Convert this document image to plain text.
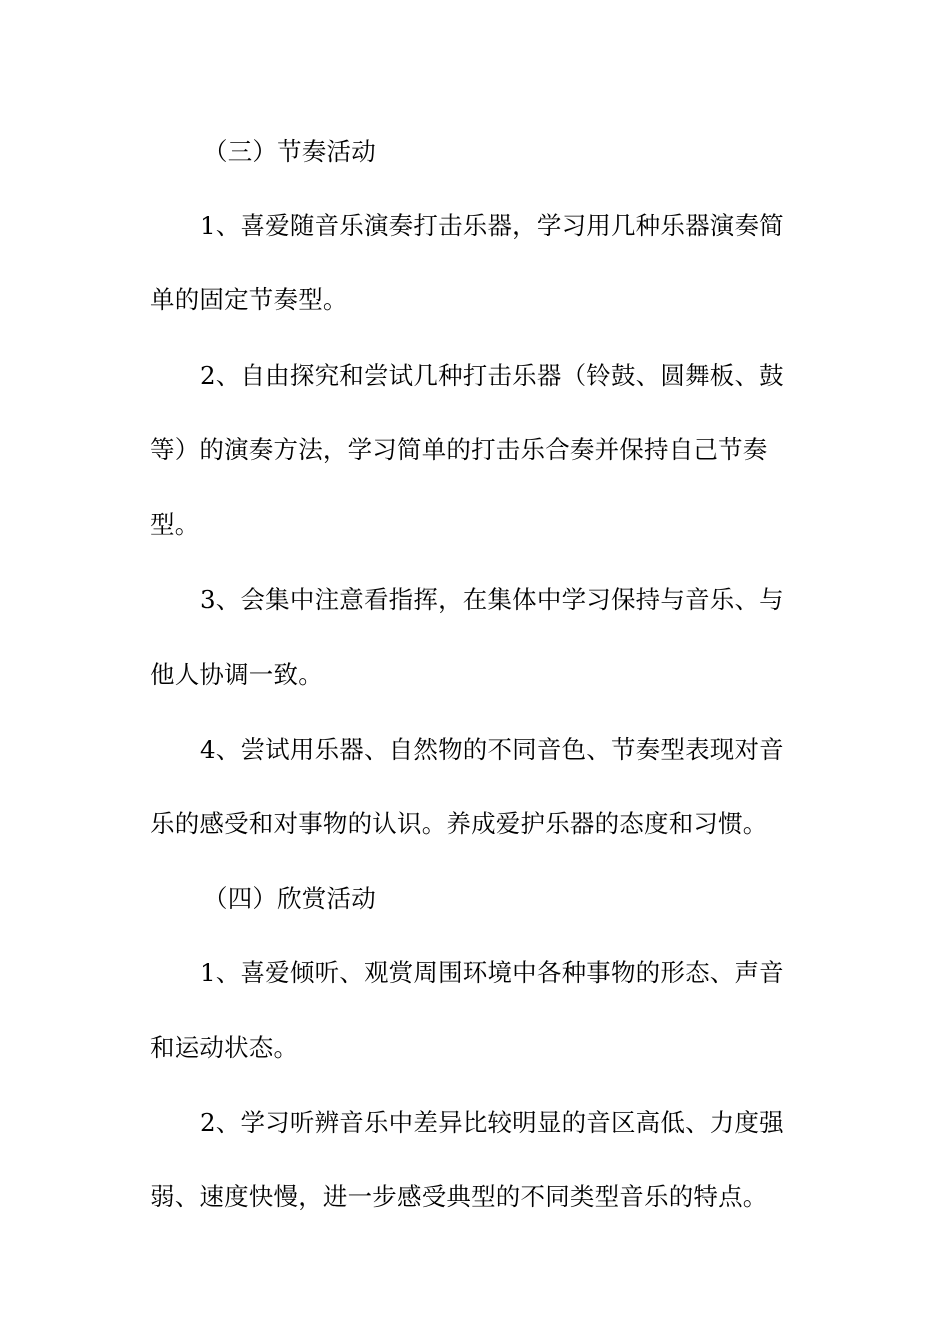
（三）节奏活动
1、喜爱随音乐演奏打击乐器，学习用几种乐器演奏简
单的固定节奏型。
2、自由探究和尝试几种打击乐器（铃鼓、圆舞板、鼓
等）的演奏方法，学习简单的打击乐合奏并保持自己节奏
型。
3、会集中注意看指挥，在集体中学习保持与音乐、与
他人协调一致。
4、尝试用乐器、自然物的不同音色、节奏型表现对音
乐的感受和对事物的认识。养成爱护乐器的态度和习惯。
（四）欣赏活动
1、喜爱倾听、观赏周围环境中各种事物的形态、声音
和运动状态。
2、学习听辨音乐中差异比较明显的音区高低、力度强
弱、速度快慢，进一步感受典型的不同类型音乐的特点。
